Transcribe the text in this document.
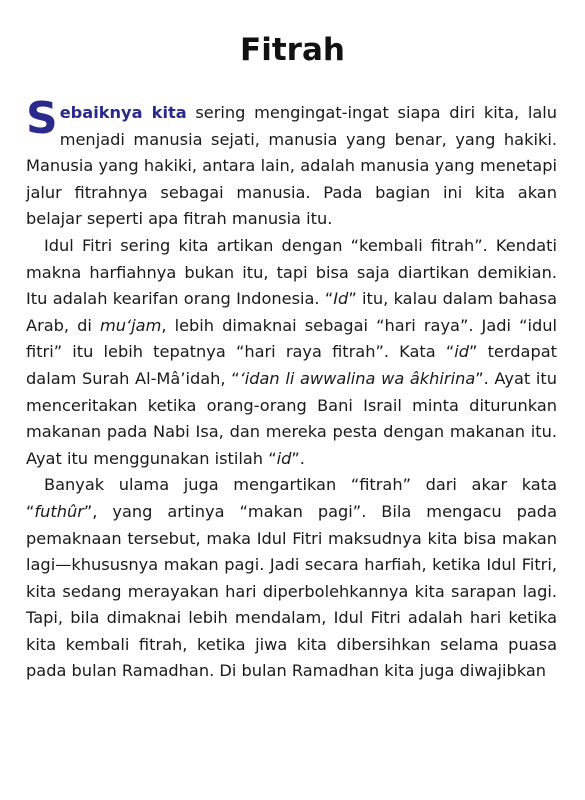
Fitrah

Sebaiknya kita sering mengingat-ingat siapa diri kita, lalu menjadi manusia sejati, manusia yang benar, yang hakiki. Manusia yang hakiki, antara lain, adalah manusia yang menetapi jalur fitrahnya sebagai manusia. Pada bagian ini kita akan belajar seperti apa fitrah manusia itu.

Idul Fitri sering kita artikan dengan “kembali fitrah”. Kendati makna harfiahnya bukan itu, tapi bisa saja diartikan demikian. Itu adalah kearifan orang Indonesia. “Id” itu, kalau dalam bahasa Arab, di mu‘jam, lebih dimaknai sebagai “hari raya”. Jadi “idul fitri” itu lebih tepatnya “hari raya fitrah”. Kata “id” terdapat dalam Surah Al-Mâ’idah, “‘idan li awwalina wa âkhirina”. Ayat itu menceritakan ketika orang-orang Bani Israil minta diturunkan makanan pada Nabi Isa, dan mereka pesta dengan makanan itu. Ayat itu menggunakan istilah “id”.

Banyak ulama juga mengartikan “fitrah” dari akar kata “futhûr”, yang artinya “makan pagi”. Bila mengacu pada pemaknaan tersebut, maka Idul Fitri maksudnya kita bisa makan lagi—khususnya makan pagi. Jadi secara harfiah, ketika Idul Fitri, kita sedang merayakan hari diperbolehkannya kita sarapan lagi. Tapi, bila dimaknai lebih mendalam, Idul Fitri adalah hari ketika kita kembali fitrah, ketika jiwa kita dibersihkan selama puasa pada bulan Ramadhan. Di bulan Ramadhan kita juga diwajibkan
